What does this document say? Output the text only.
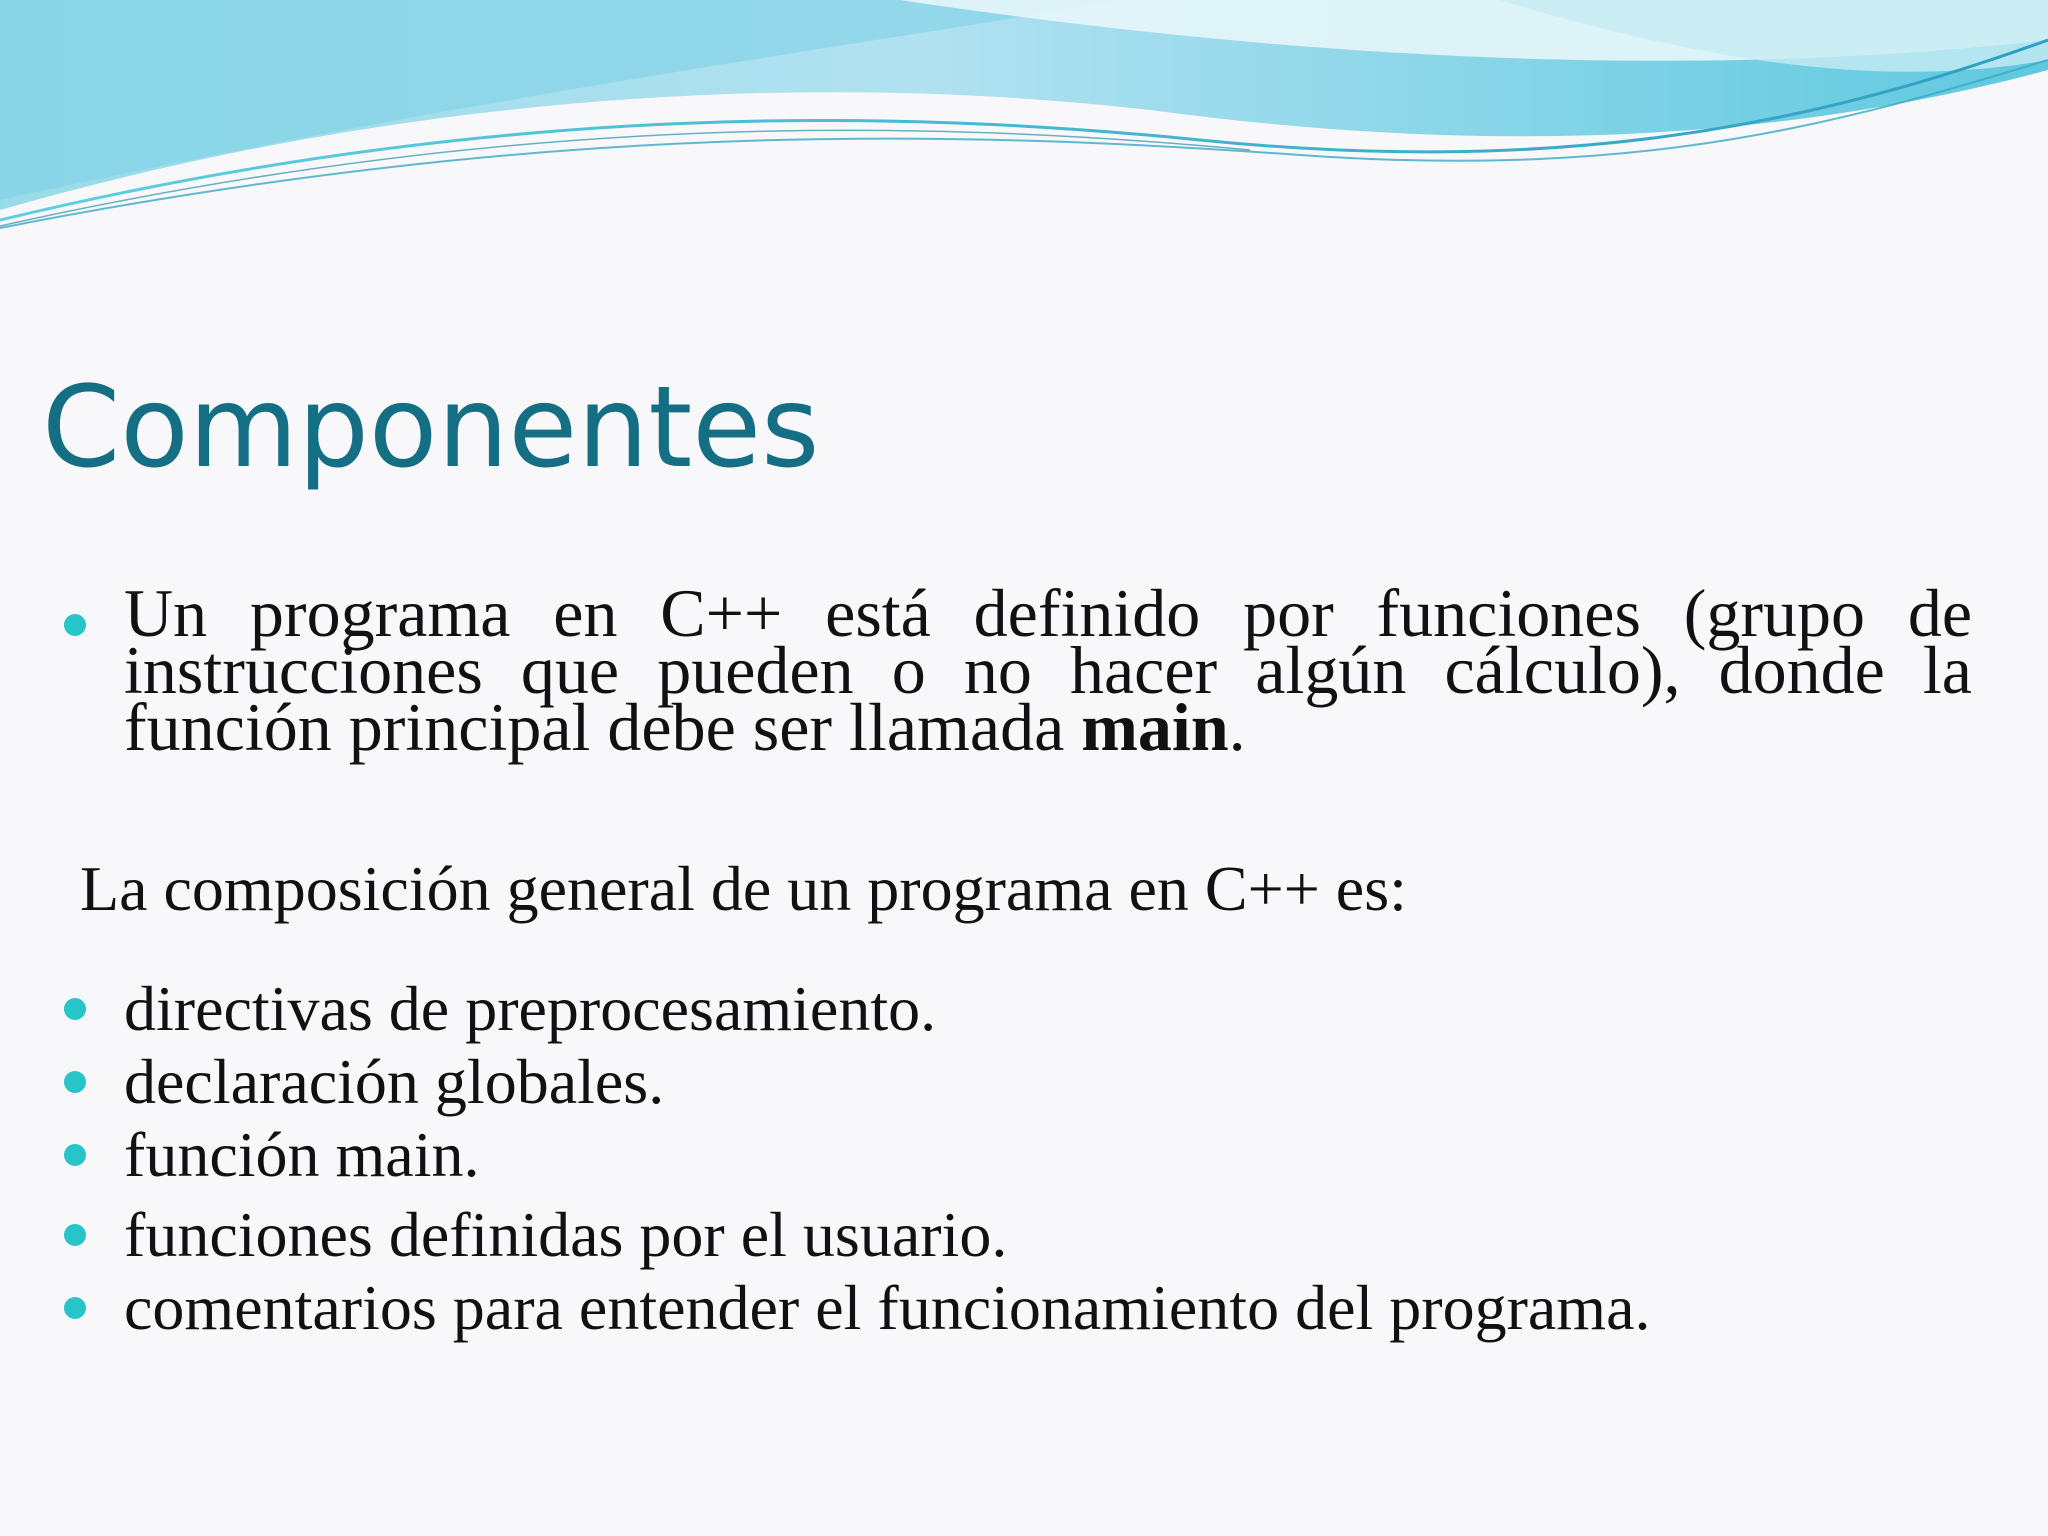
Componentes

Un programa en C++ está definido por funciones (grupo de instrucciones que pueden o no hacer algún cálculo), donde la función principal debe ser llamada main.

La composición general de un programa en C++ es:
directivas de preprocesamiento.
declaración globales.
función main.
funciones definidas por el usuario.
comentarios para entender el funcionamiento del programa.
